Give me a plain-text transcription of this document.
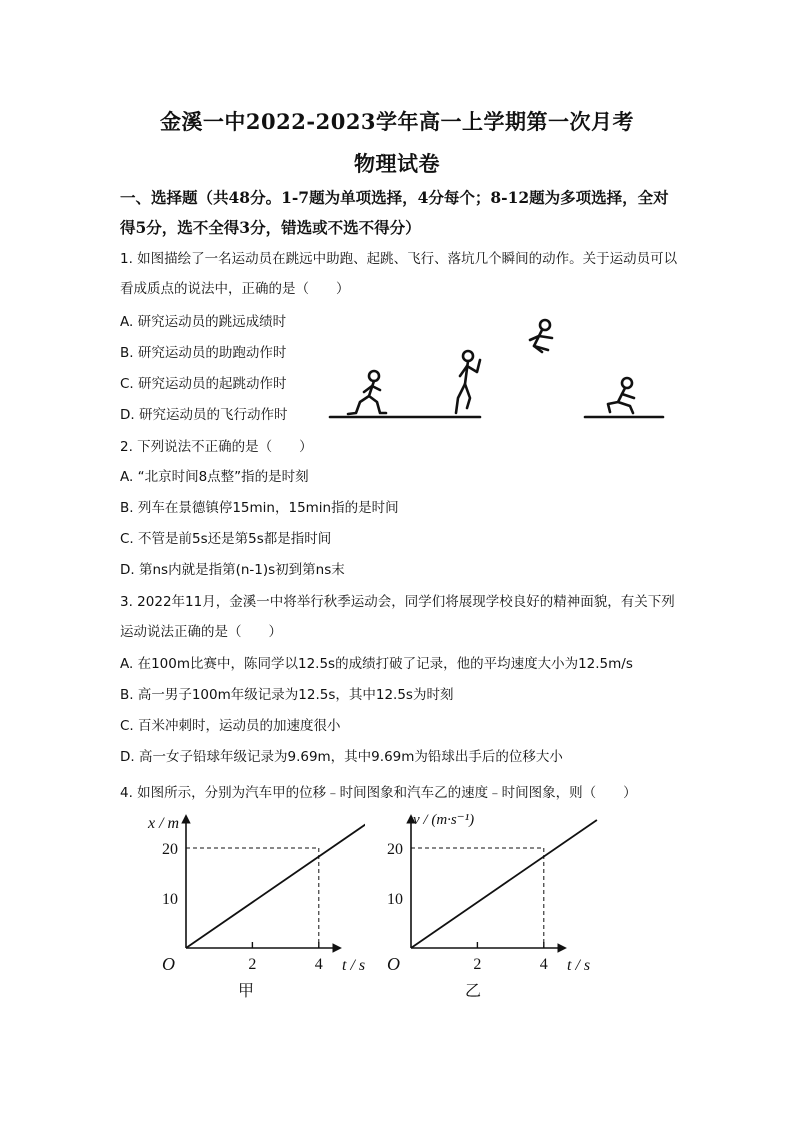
金溪一中2022-2023学年高一上学期第一次月考
物理试卷
一、选择题（共48分。1-7题为单项选择，4分每个；8-12题为多项选择，全对得5分，选不全得3分，错选或不选不得分）
1. 如图描绘了一名运动员在跳远中助跑、起跳、飞行、落坑几个瞬间的动作。关于运动员可以看成质点的说法中，正确的是（　　）
A. 研究运动员的跳远成绩时
B. 研究运动员的助跑动作时
C. 研究运动员的起跳动作时
D. 研究运动员的飞行动作时
2. 下列说法不正确的是（　　）
A. “北京时间8点整”指的是时刻
B. 列车在景德镇停15min，15min指的是时间
C. 不管是前5s还是第5s都是指时间
D. 第ns内就是指第(n-1)s初到第ns末
3. 2022年11月，金溪一中将举行秋季运动会，同学们将展现学校良好的精神面貌，有关下列运动说法正确的是（　　）
A. 在100m比赛中，陈同学以12.5s的成绩打破了记录，他的平均速度大小为12.5m/s
B. 高一男子100m年级记录为12.5s，其中12.5s为时刻
C. 百米冲刺时，运动员的加速度很小
D. 高一女子铅球年级记录为9.69m，其中9.69m为铅球出手后的位移大小
4. 如图所示，分别为汽车甲的位移﹣时间图象和汽车乙的速度﹣时间图象，则（　　）
x / m
t / s
O
甲
2	4
10
20
v / (m·s⁻¹)
t / s
O
乙
2	4
10
20
